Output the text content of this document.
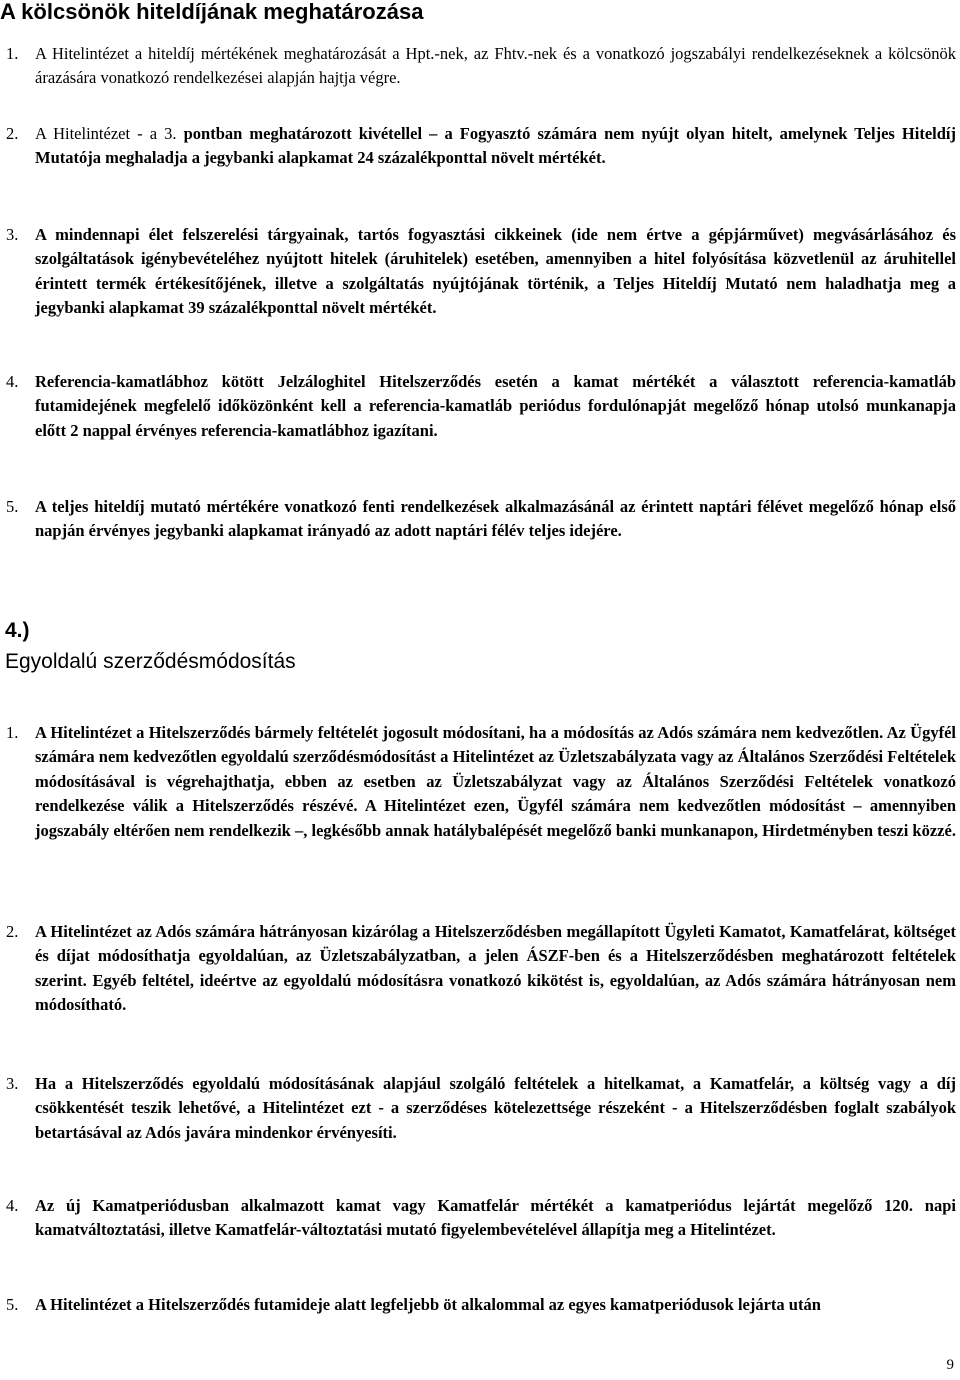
A kölcsönök hiteldíjának meghatározása
1. A Hitelintézet a hiteldíj mértékének meghatározását a Hpt.-nek, az Fhtv.-nek és a vonatkozó jogszabályi rendelkezéseknek a kölcsönök árazására vonatkozó rendelkezései alapján hajtja végre.
2. A Hitelintézet - a 3. pontban meghatározott kivétellel – a Fogyasztó számára nem nyújt olyan hitelt, amelynek Teljes Hiteldíj Mutatója meghaladja a jegybanki alapkamat 24 százalékponttal növelt mértékét.
3. A mindennapi élet felszerelési tárgyainak, tartós fogyasztási cikkeinek (ide nem értve a gépjárművet) megvásárlásához és szolgáltatások igénybevételéhez nyújtott hitelek (áruhitelek) esetében, amennyiben a hitel folyósítása közvetlenül az áruhitellel érintett termék értékesítőjének, illetve a szolgáltatás nyújtójának történik, a Teljes Hiteldíj Mutató nem haladhatja meg a jegybanki alapkamat 39 százalékponttal növelt mértékét.
4. Referencia-kamatlábhoz kötött Jelzáloghitel Hitelszerződés esetén a kamat mértékét a választott referencia-kamatláb futamidejének megfelelő időközönként kell a referencia-kamatláb periódus fordulónapját megelőző hónap utolsó munkanapja előtt 2 nappal érvényes referencia-kamatlábhoz igazítani.
5. A teljes hiteldíj mutató mértékére vonatkozó fenti rendelkezések alkalmazásánál az érintett naptári félévet megelőző hónap első napján érvényes jegybanki alapkamat irányadó az adott naptári félév teljes idejére.
4.)
Egyoldalú szerződésmódosítás
1. A Hitelintézet a Hitelszerződés bármely feltételét jogosult módosítani, ha a módosítás az Adós számára nem kedvezőtlen. Az Ügyfél számára nem kedvezőtlen egyoldalú szerződésmódosítást a Hitelintézet az Üzletszabályzata vagy az Általános Szerződési Feltételek módosításával is végrehajthatja, ebben az esetben az Üzletszabályzat vagy az Általános Szerződési Feltételek vonatkozó rendelkezése válik a Hitelszerződés részévé. A Hitelintézet ezen, Ügyfél számára nem kedvezőtlen módosítást – amennyiben jogszabály eltérően nem rendelkezik –, legkésőbb annak hatálybalépését megelőző banki munkanapon, Hirdetményben teszi közzé.
2. A Hitelintézet az Adós számára hátrányosan kizárólag a Hitelszerződésben megállapított Ügyleti Kamatot, Kamatfelárat, költséget és díjat módosíthatja egyoldalúan, az Üzletszabályzatban, a jelen ÁSZF-ben és a Hitelszerződésben meghatározott feltételek szerint. Egyéb feltétel, ideértve az egyoldalú módosításra vonatkozó kikötést is, egyoldalúan, az Adós számára hátrányosan nem módosítható.
3. Ha a Hitelszerződés egyoldalú módosításának alapjául szolgáló feltételek a hitelkamat, a Kamatfelár, a költség vagy a díj csökkentését teszik lehetővé, a Hitelintézet ezt - a szerződéses kötelezettsége részeként - a Hitelszerződésben foglalt szabályok betartásával az Adós javára mindenkor érvényesíti.
4. Az új Kamatperiódusban alkalmazott kamat vagy Kamatfelár mértékét a kamatperiódus lejártát megelőző 120. napi kamatváltoztatási, illetve Kamatfelár-változtatási mutató figyelembevételével állapítja meg a Hitelintézet.
5. A Hitelintézet a Hitelszerződés futamideje alatt legfeljebb öt alkalommal az egyes kamatperiódusok lejárta után
9
